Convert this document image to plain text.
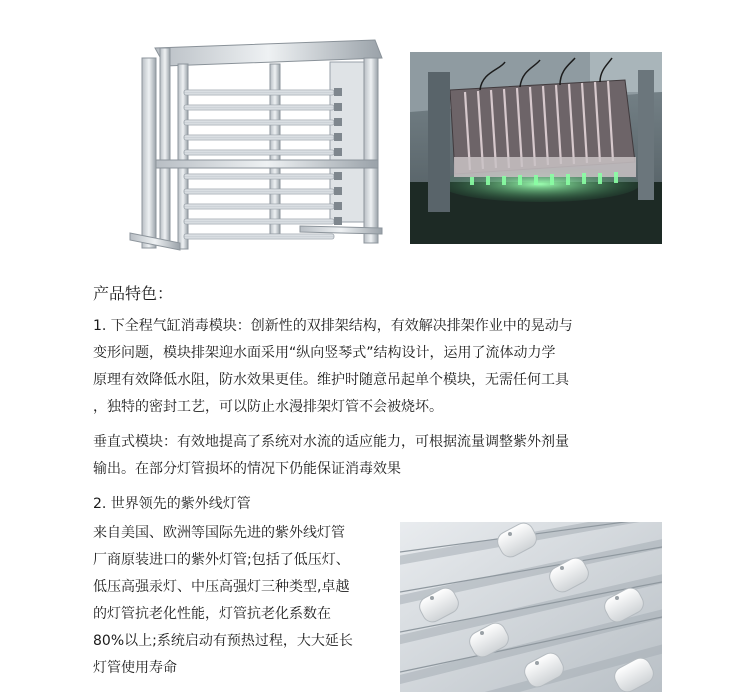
产品特色：

1. 下全程气缸消毒模块：创新性的双排架结构，有效解决排架作业中的晃动与
变形问题，模块排架迎水面采用“纵向竖琴式”结构设计，运用了流体动力学
原理有效降低水阻，防水效果更佳。维护时随意吊起单个模块，无需任何工具
，独特的密封工艺，可以防止水漫排架灯管不会被烧坏。

垂直式模块：有效地提高了系统对水流的适应能力，可根据流量调整紫外剂量
输出。在部分灯管损坏的情况下仍能保证消毒效果

2. 世界领先的紫外线灯管

来自美国、欧洲等国际先进的紫外线灯管
厂商原装进口的紫外灯管;包括了低压灯、
低压高强汞灯、中压高强灯三种类型,卓越
的灯管抗老化性能，灯管抗老化系数在
80%以上;系统启动有预热过程，大大延长
灯管使用寿命
